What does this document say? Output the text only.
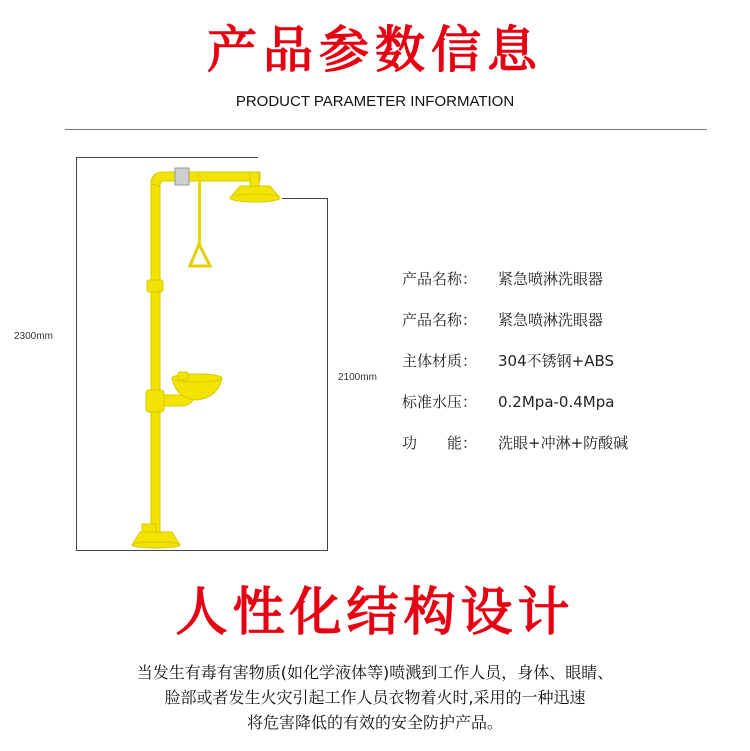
产品参数信息
PRODUCT PARAMETER INFORMATION
2300mm
2100mm
产品名称： 紧急喷淋洗眼器
产品名称： 紧急喷淋洗眼器
主体材质： 304不锈钢+ABS
标准水压： 0.2Mpa-0.4Mpa
功　　能： 洗眼+冲淋+防酸碱
人性化结构设计
当发生有毒有害物质(如化学液体等)喷溅到工作人员，身体、眼睛、
脸部或者发生火灾引起工作人员衣物着火时,采用的一种迅速
将危害降低的有效的安全防护产品。
